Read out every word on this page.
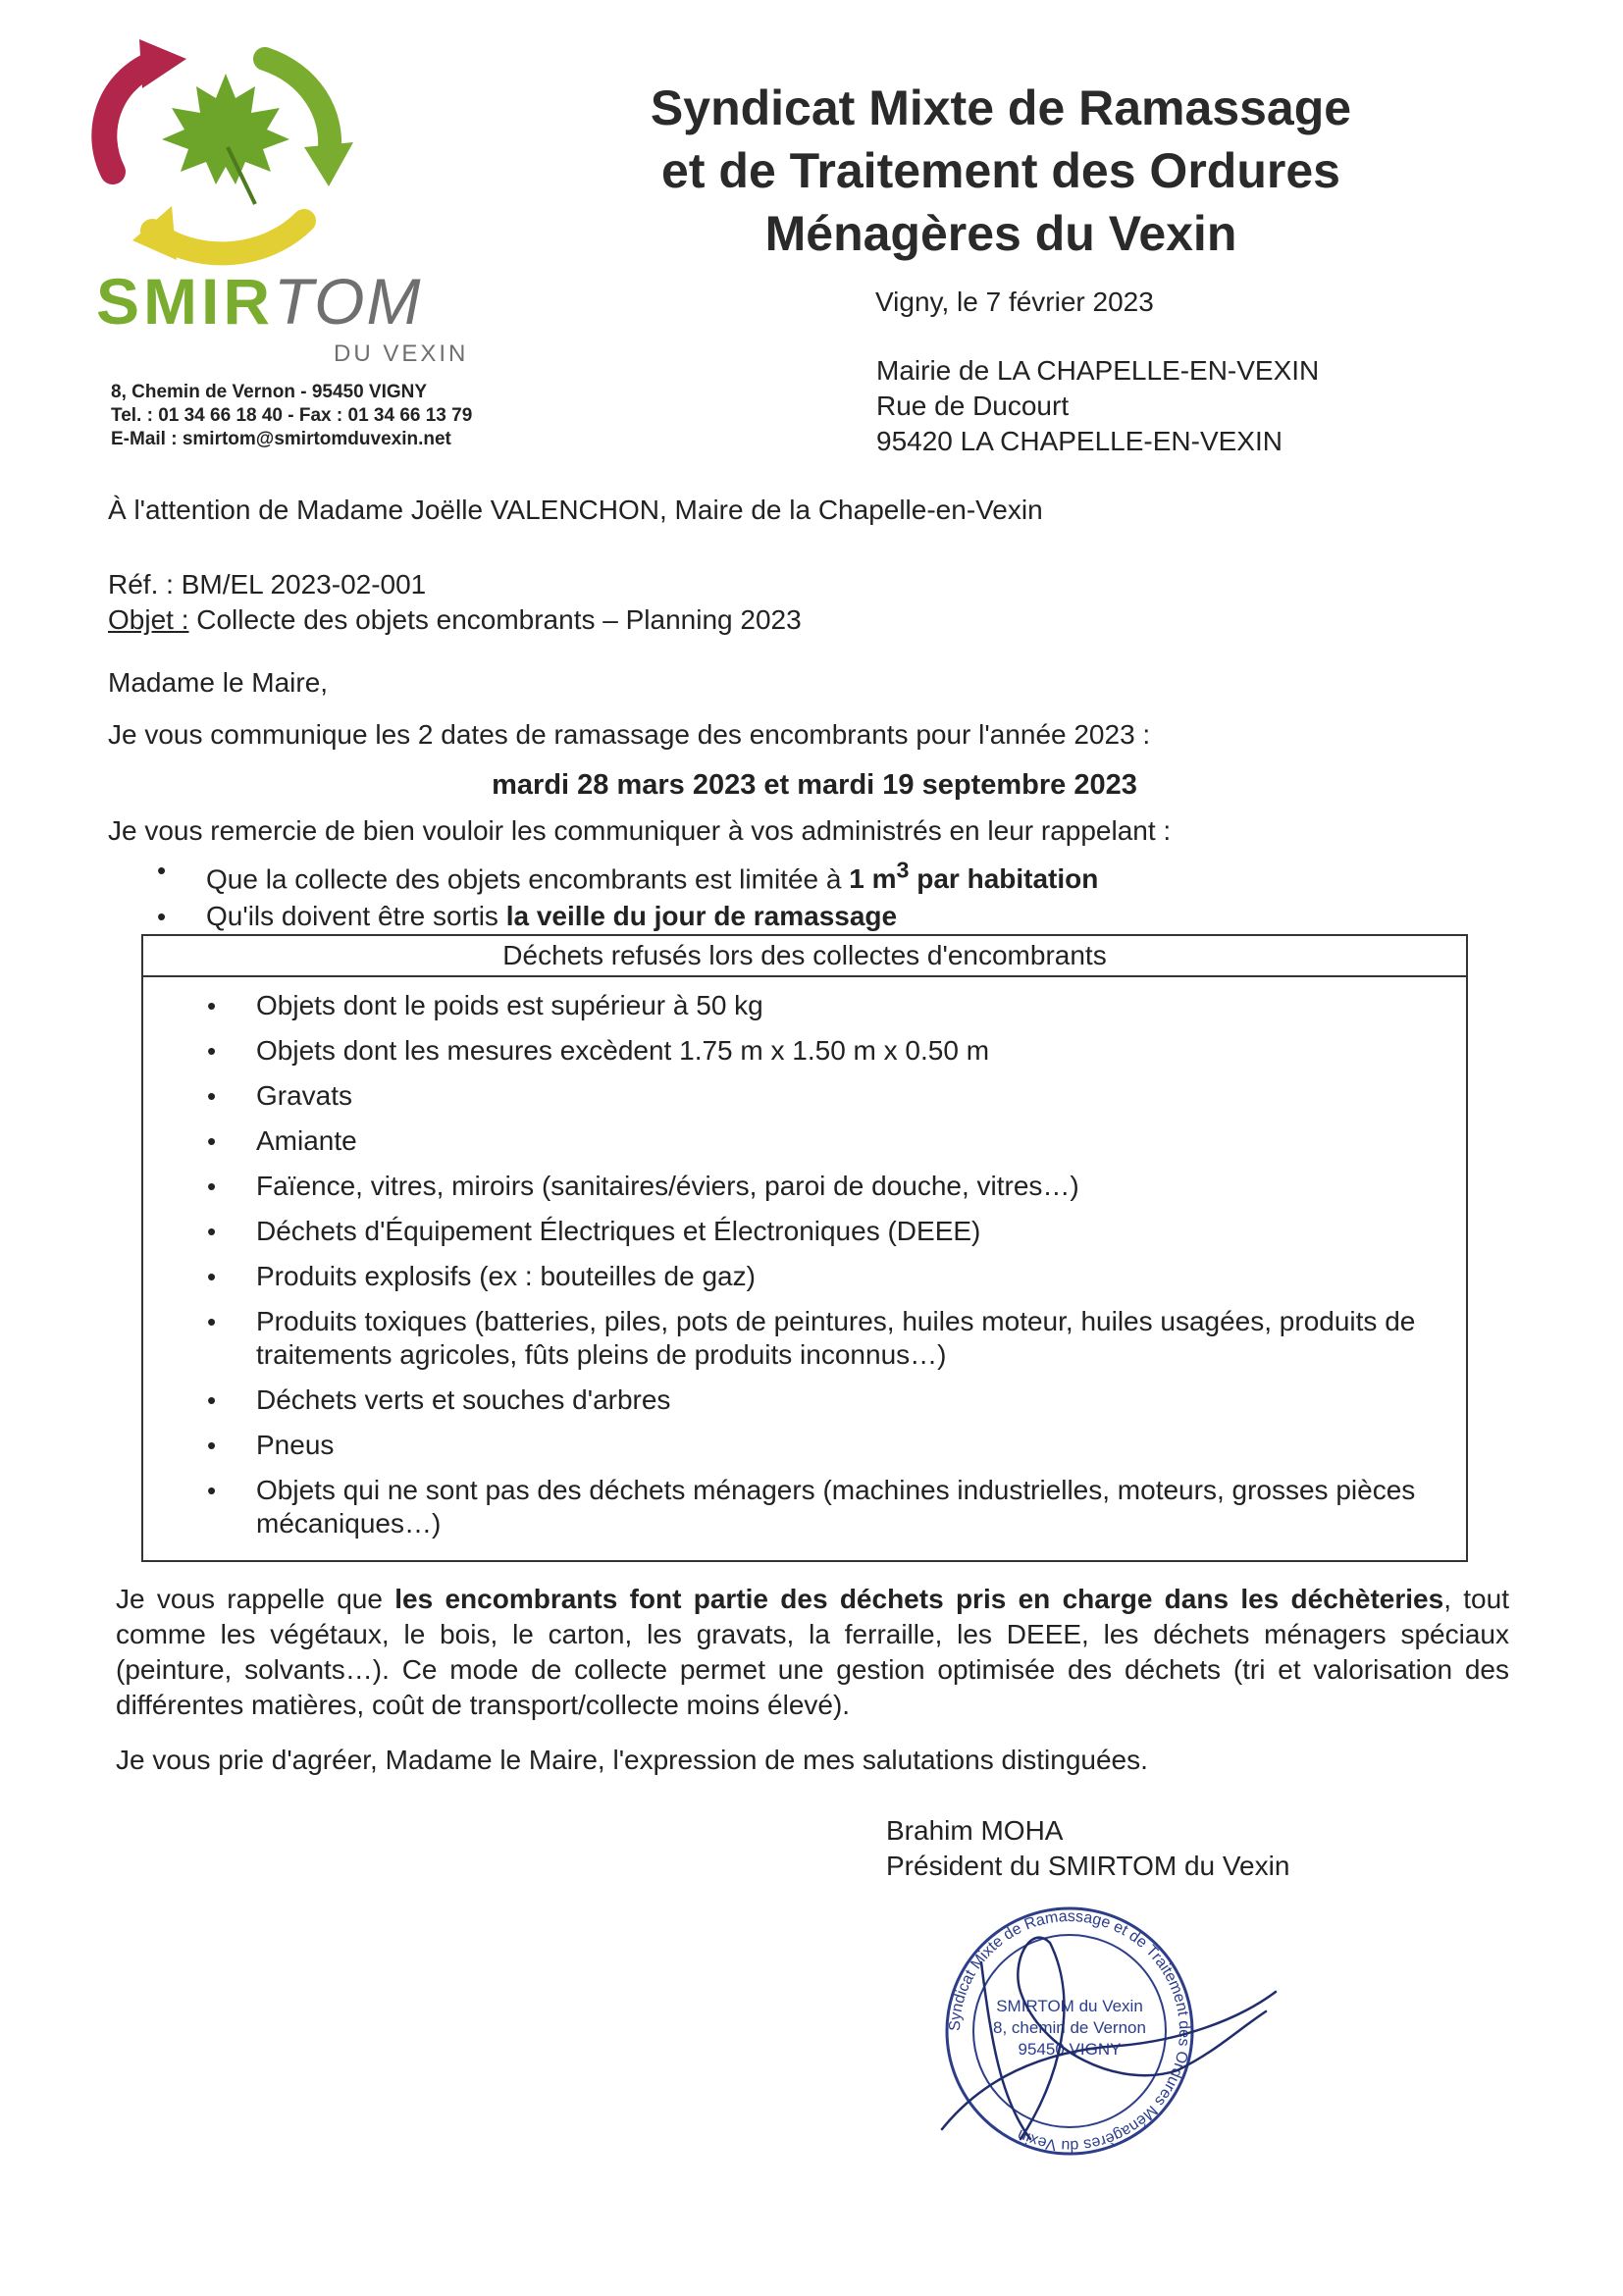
SMIRTOM
DU VEXIN
8, Chemin de Vernon - 95450 VIGNY
Tel. : 01 34 66 18 40 - Fax : 01 34 66 13 79
E-Mail : smirtom@smirtomduvexin.net
Syndicat Mixte de Ramassage
et de Traitement des Ordures
Ménagères du Vexin
Vigny, le 7 février 2023
Mairie de LA CHAPELLE-EN-VEXIN
Rue de Ducourt
95420 LA CHAPELLE-EN-VEXIN
À l'attention de Madame Joëlle VALENCHON, Maire de la Chapelle-en-Vexin
Réf. : BM/EL 2023-02-001
Objet : Collecte des objets encombrants – Planning 2023
Madame le Maire,
Je vous communique les 2 dates de ramassage des encombrants pour l'année 2023 :
mardi 28 mars 2023 et mardi 19 septembre 2023
Je vous remercie de bien vouloir les communiquer à vos administrés en leur rappelant :
• Que la collecte des objets encombrants est limitée à 1 $m^3$ par habitation
• Qu'ils doivent être sortis la veille du jour de ramassage
Déchets refusés lors des collectes d'encombrants
• Objets dont le poids est supérieur à 50 kg
• Objets dont les mesures excèdent 1.75 m x 1.50 m x 0.50 m
• Gravats
• Amiante
• Faïence, vitres, miroirs (sanitaires/éviers, paroi de douche, vitres…)
• Déchets d'Équipement Électriques et Électroniques (DEEE)
• Produits explosifs (ex : bouteilles de gaz)
• Produits toxiques (batteries, piles, pots de peintures, huiles moteur, huiles usagées, produits de traitements agricoles, fûts pleins de produits inconnus…)
• Déchets verts et souches d'arbres
• Pneus
• Objets qui ne sont pas des déchets ménagers (machines industrielles, moteurs, grosses pièces mécaniques…)
Je vous rappelle que les encombrants font partie des déchets pris en charge dans les déchèteries, tout comme les végétaux, le bois, le carton, les gravats, la ferraille, les DEEE, les déchets ménagers spéciaux (peinture, solvants…). Ce mode de collecte permet une gestion optimisée des déchets (tri et valorisation des différentes matières, coût de transport/collecte moins élevé).
Je vous prie d'agréer, Madame le Maire, l'expression de mes salutations distinguées.
Brahim MOHA
Président du SMIRTOM du Vexin
Syndicat Mixte de Ramassage et de Traitement des Ordures Ménagères du Vexin
SMIRTOM du Vexin
8, chemin de Vernon
95450 VIGNY
